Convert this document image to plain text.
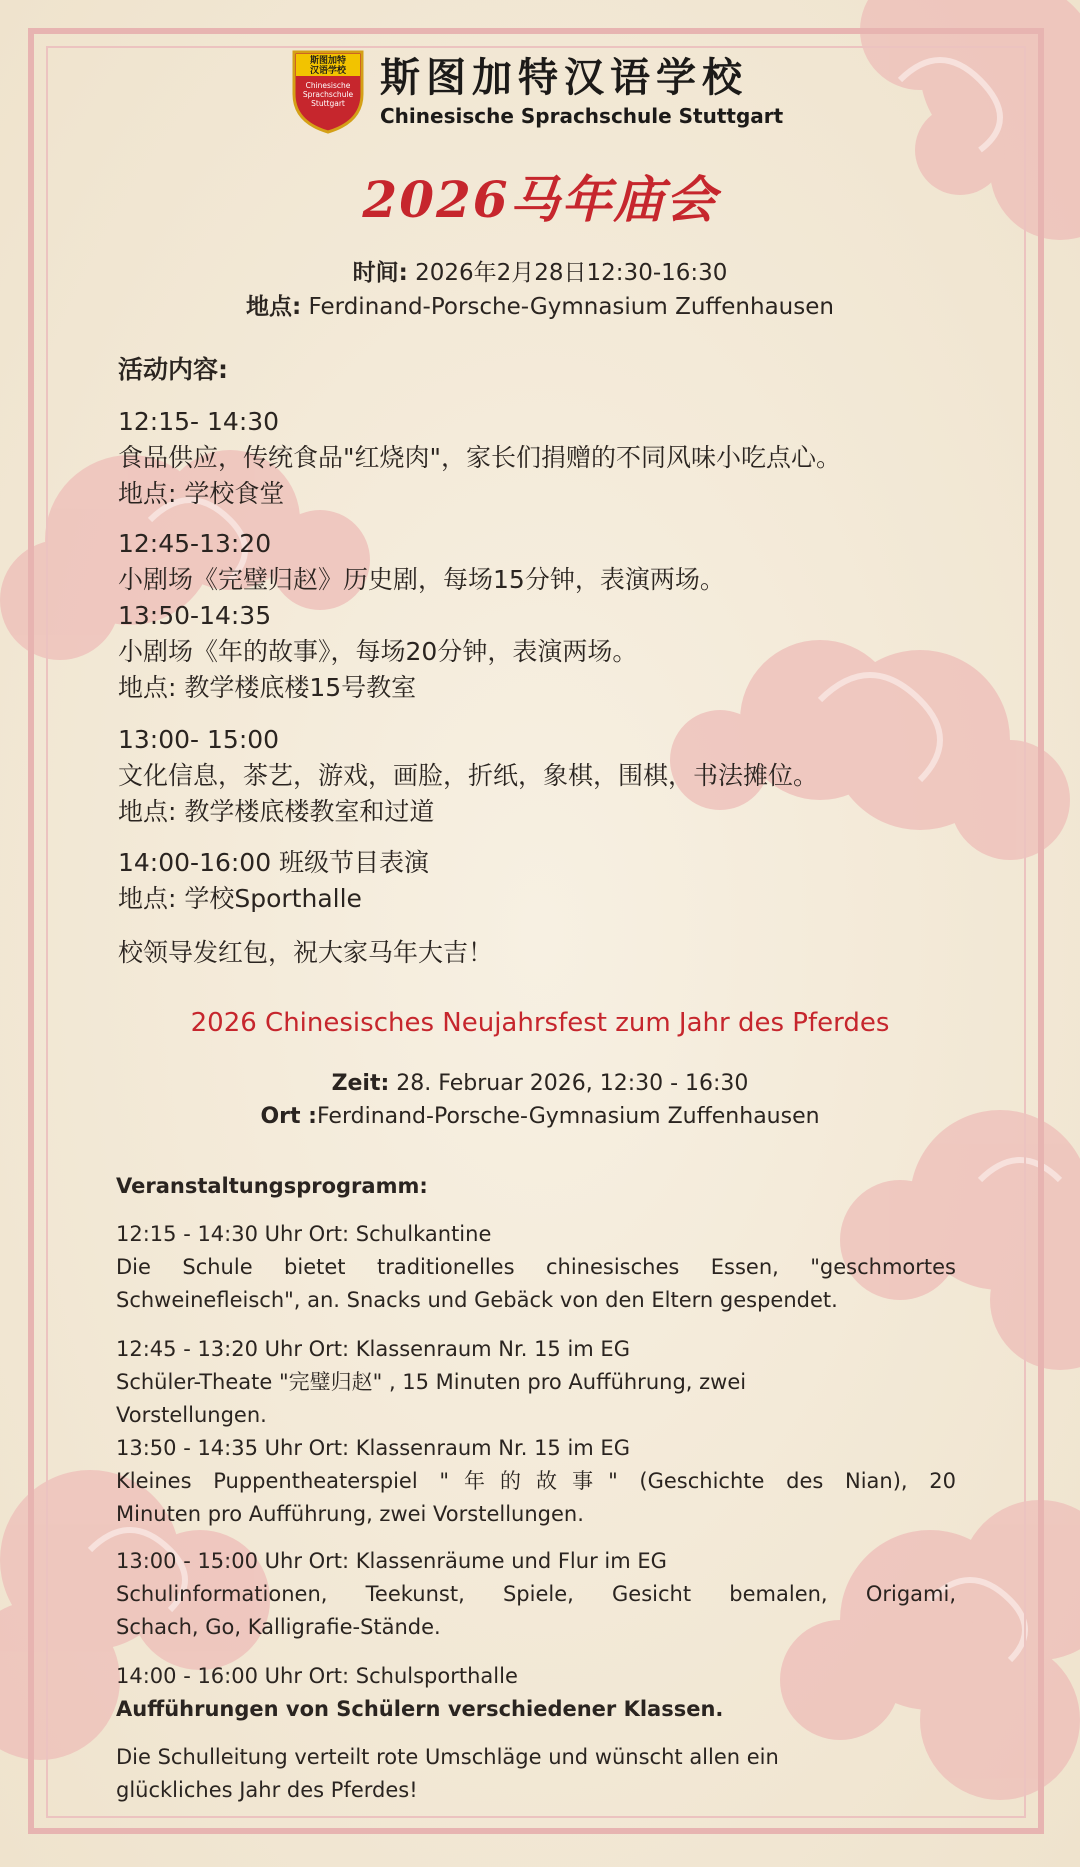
斯图加特
汉语学校
Chinesische
Sprachschule
Stuttgart
斯图加特汉语学校
Chinesische Sprachschule Stuttgart
2026马年庙会
时间: 2026年2月28日12:30-16:30
地点: Ferdinand-Porsche-Gymnasium Zuffenhausen
活动内容:
12:15- 14:30
食品供应，传统食品"红烧肉"，家长们捐赠的不同风味小吃点心。
地点: 学校食堂
12:45-13:20
小剧场《完璧归赵》历史剧，每场15分钟，表演两场。
13:50-14:35
小剧场《年的故事》，每场20分钟，表演两场。
地点: 教学楼底楼15号教室
13:00- 15:00
文化信息，茶艺，游戏，画脸，折纸，象棋，围棋，书法摊位。
地点: 教学楼底楼教室和过道
14:00-16:00 班级节目表演
地点: 学校Sporthalle
校领导发红包，祝大家马年大吉！
2026 Chinesisches Neujahrsfest zum Jahr des Pferdes
Zeit: 28. Februar 2026, 12:30 - 16:30
Ort :Ferdinand-Porsche-Gymnasium Zuffenhausen
Veranstaltungsprogramm:
12:15 - 14:30 Uhr Ort: Schulkantine
Die Schule bietet traditionelles chinesisches Essen, "geschmortes
Schweinefleisch", an. Snacks und Gebäck von den Eltern gespendet.
12:45 - 13:20 Uhr Ort: Klassenraum Nr. 15 im EG
Schüler-Theate "完璧归赵" , 15 Minuten pro Aufführung, zwei
Vorstellungen.
13:50 - 14:35 Uhr Ort: Klassenraum Nr. 15 im EG
Kleines Puppentheaterspiel "年的故事" (Geschichte des Nian), 20
Minuten pro Aufführung, zwei Vorstellungen.
13:00 - 15:00 Uhr Ort: Klassenräume und Flur im EG
Schulinformationen, Teekunst, Spiele, Gesicht bemalen, Origami,
Schach, Go, Kalligrafie-Stände.
14:00 - 16:00 Uhr Ort: Schulsporthalle
Aufführungen von Schülern verschiedener Klassen.
Die Schulleitung verteilt rote Umschläge und wünscht allen ein
glückliches Jahr des Pferdes!
